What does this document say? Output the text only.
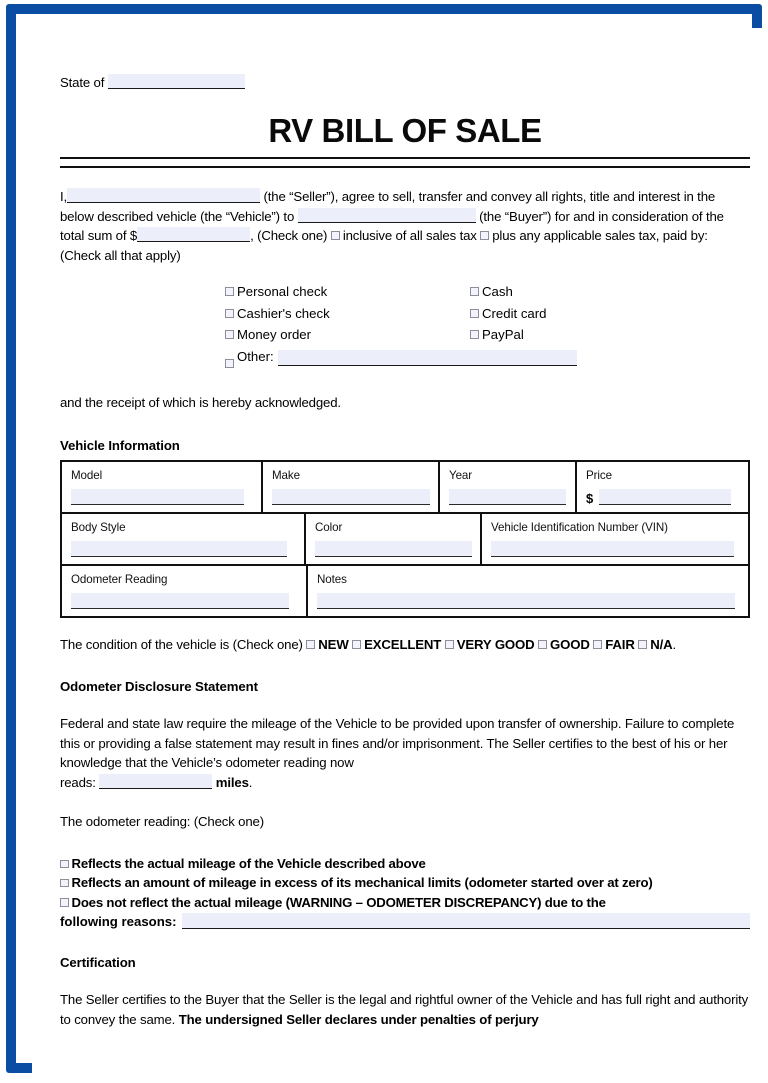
State of
RV BILL OF SALE
I,	(the “Seller”), agree to sell, transfer and convey all rights, title and interest in the below described vehicle (the “Vehicle”) to	(the “Buyer”) for and in consideration of the total sum of $	, (Check one) inclusive of all sales tax plus any applicable sales tax, paid by: (Check all that apply)
Personal check	Cash
Cashier's check	Credit card
Money order	PayPal
Other:
and the receipt of which is hereby acknowledged.
Vehicle Information
Model	Make	Year	Price
$
Body Style	Color	Vehicle Identification Number (VIN)
Odometer Reading	Notes
The condition of the vehicle is (Check one) NEW EXCELLENT VERY GOOD GOOD FAIR N/A.
Odometer Disclosure Statement
Federal and state law require the mileage of the Vehicle to be provided upon transfer of ownership. Failure to complete this or providing a false statement may result in fines and/or imprisonment. The Seller certifies to the best of his or her knowledge that the Vehicle’s odometer reading now
reads:	miles.
The odometer reading: (Check one)
Reflects the actual mileage of the Vehicle described above
Reflects an amount of mileage in excess of its mechanical limits (odometer started over at zero)
Does not reflect the actual mileage (WARNING – ODOMETER DISCREPANCY) due to the
following reasons:
Certification
The Seller certifies to the Buyer that the Seller is the legal and rightful owner of the Vehicle and has full right and authority to convey the same. The undersigned Seller declares under penalties of perjury
